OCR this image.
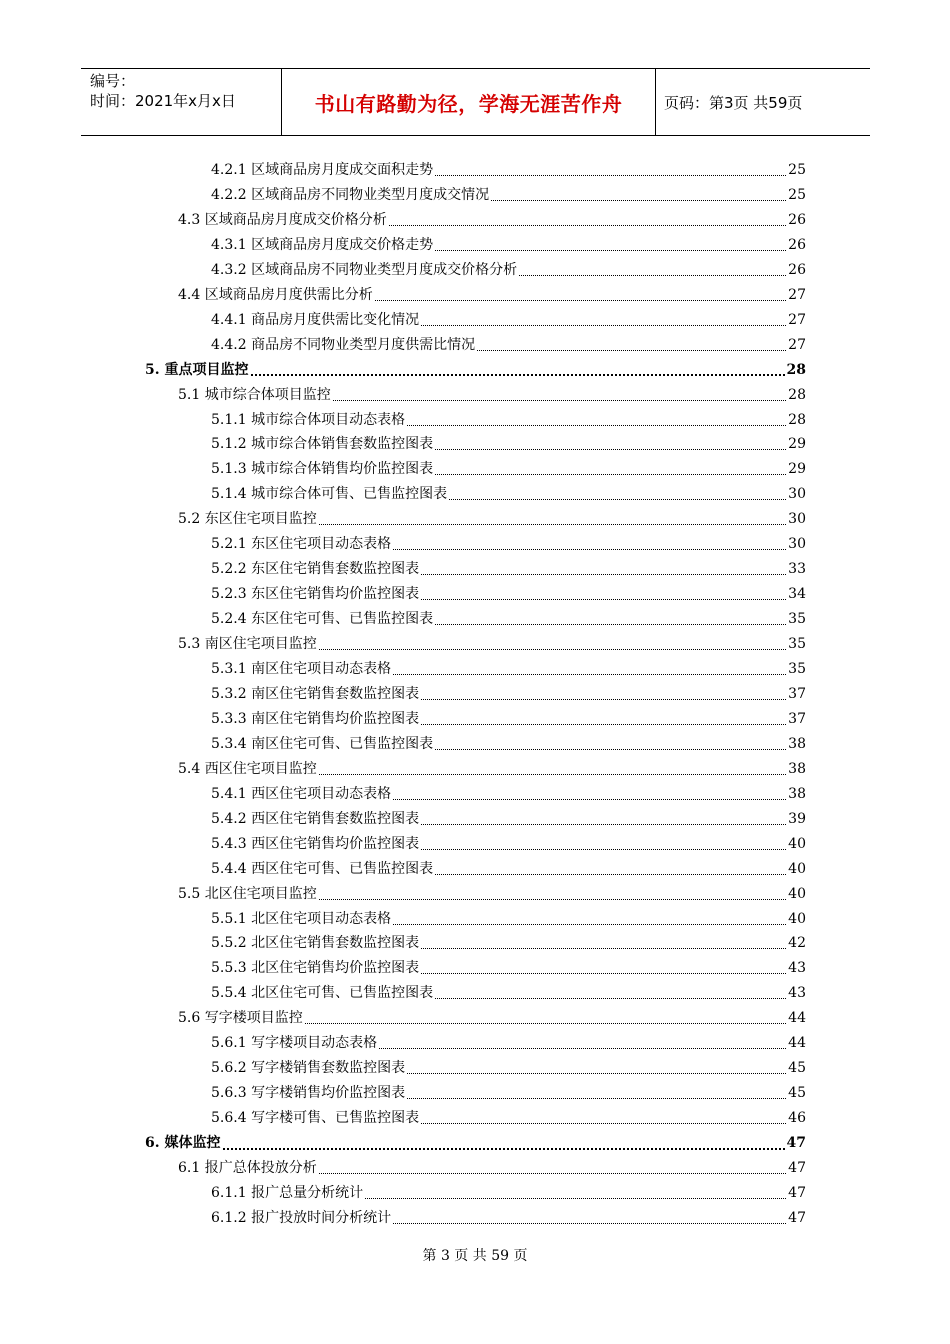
编号：
时间：2021年x月x日	书山有路勤为径，学海无涯苦作舟	页码：第3页 共59页
4.2.1 区域商品房月度成交面积走势	25
4.2.2 区域商品房不同物业类型月度成交情况	25
4.3 区域商品房月度成交价格分析	26
4.3.1 区域商品房月度成交价格走势	26
4.3.2 区域商品房不同物业类型月度成交价格分析	26
4.4 区域商品房月度供需比分析	27
4.4.1 商品房月度供需比变化情况	27
4.4.2 商品房不同物业类型月度供需比情况	27
5. 重点项目监控	28
5.1 城市综合体项目监控	28
5.1.1 城市综合体项目动态表格	28
5.1.2 城市综合体销售套数监控图表	29
5.1.3 城市综合体销售均价监控图表	29
5.1.4 城市综合体可售、已售监控图表	30
5.2 东区住宅项目监控	30
5.2.1 东区住宅项目动态表格	30
5.2.2 东区住宅销售套数监控图表	33
5.2.3 东区住宅销售均价监控图表	34
5.2.4 东区住宅可售、已售监控图表	35
5.3 南区住宅项目监控	35
5.3.1 南区住宅项目动态表格	35
5.3.2 南区住宅销售套数监控图表	37
5.3.3 南区住宅销售均价监控图表	37
5.3.4 南区住宅可售、已售监控图表	38
5.4 西区住宅项目监控	38
5.4.1 西区住宅项目动态表格	38
5.4.2 西区住宅销售套数监控图表	39
5.4.3 西区住宅销售均价监控图表	40
5.4.4 西区住宅可售、已售监控图表	40
5.5 北区住宅项目监控	40
5.5.1 北区住宅项目动态表格	40
5.5.2 北区住宅销售套数监控图表	42
5.5.3 北区住宅销售均价监控图表	43
5.5.4 北区住宅可售、已售监控图表	43
5.6 写字楼项目监控	44
5.6.1 写字楼项目动态表格	44
5.6.2 写字楼销售套数监控图表	45
5.6.3 写字楼销售均价监控图表	45
5.6.4 写字楼可售、已售监控图表	46
6. 媒体监控	47
6.1 报广总体投放分析	47
6.1.1 报广总量分析统计	47
6.1.2 报广投放时间分析统计	47
第 3 页 共 59 页
